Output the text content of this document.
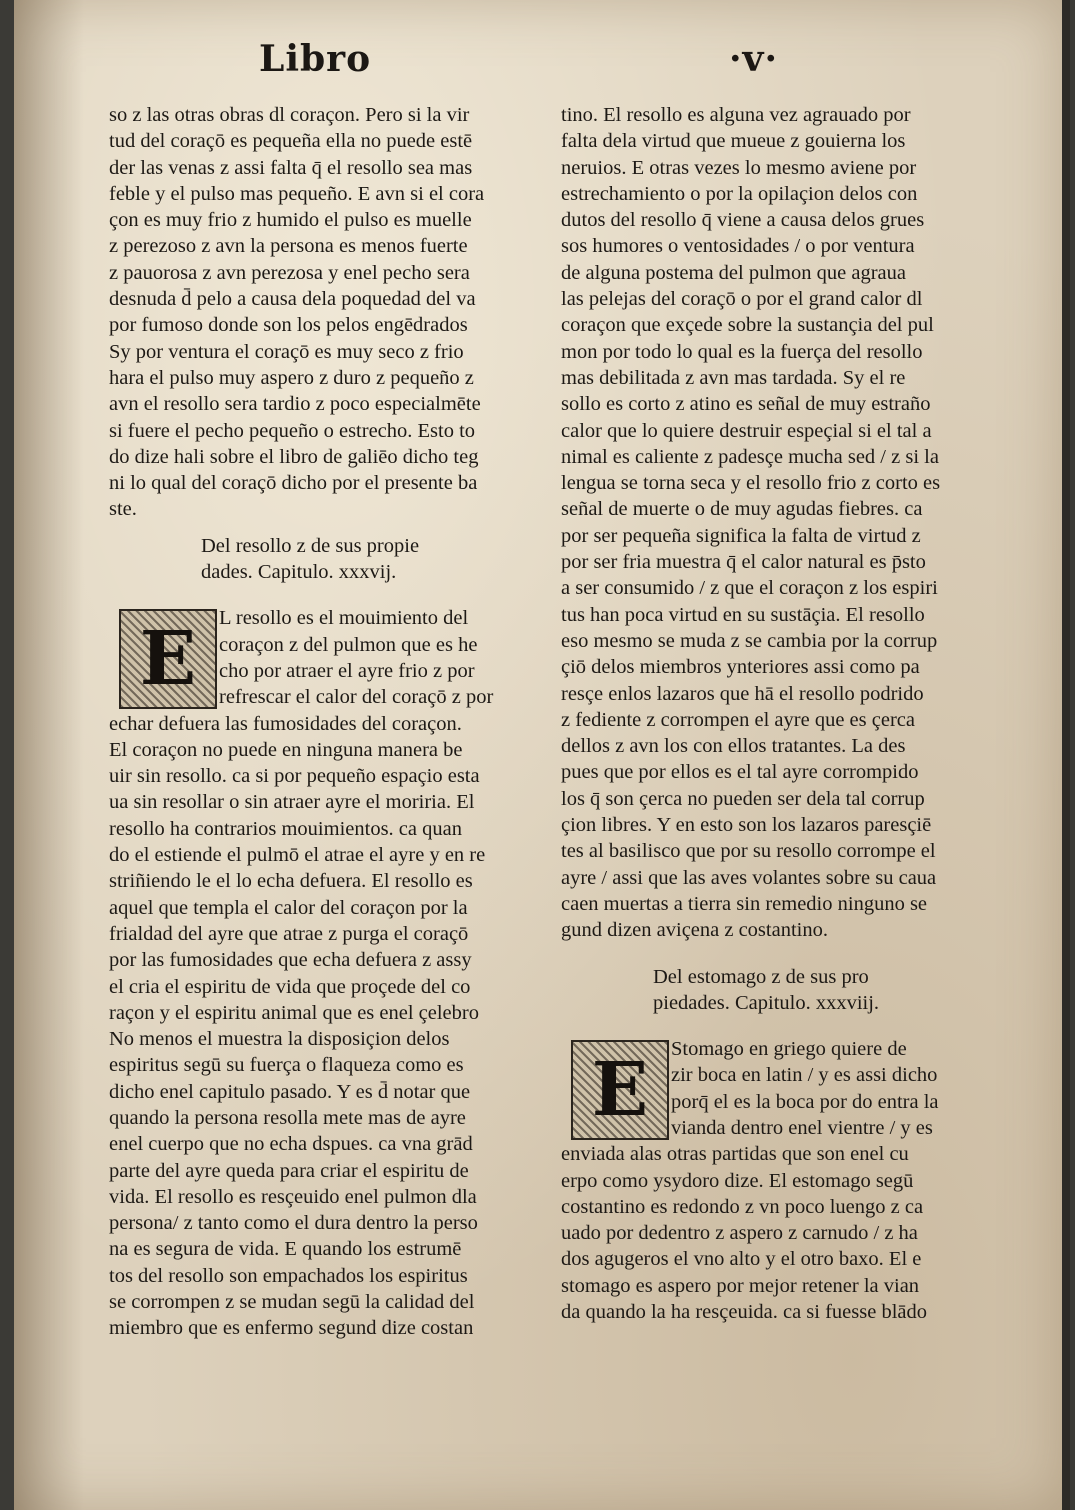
Libro	·v·
so z las otras obras dl coraçon. Pero si la vir
tud del coraçō es pequeña ella no puede estē
der las venas z assi falta q̄ el resollo sea mas
feble y el pulso mas pequeño. E avn si el cora
çon es muy frio z humido el pulso es muelle
z perezoso z avn la persona es menos fuerte
z pauorosa z avn perezosa y enel pecho sera
desnuda d̄ pelo a causa dela poquedad del va
por fumoso donde son los pelos engēdrados
Sy por ventura el coraçō es muy seco z frio
hara el pulso muy aspero z duro z pequeño z
avn el resollo sera tardio z poco especialmēte
si fuere el pecho pequeño o estrecho. Esto to
do dize hali sobre el libro de galiēo dicho teg
ni lo qual del coraçō dicho por el presente ba
ste.
Del resollo z de sus propie
dades. Capitulo. xxxvij.
E	L resollo es el mouimiento del
coraçon z del pulmon que es he
cho por atraer el ayre frio z por
refrescar el calor del coraçō z por
echar defuera las fumosidades del coraçon.
El coraçon no puede en ninguna manera be
uir sin resollo. ca si por pequeño espaçio esta
ua sin resollar o sin atraer ayre el moriria. El
resollo ha contrarios mouimientos. ca quan
do el estiende el pulmō el atrae el ayre y en re
striñiendo le el lo echa defuera. El resollo es
aquel que templa el calor del coraçon por la
frialdad del ayre que atrae z purga el coraçō
por las fumosidades que echa defuera z assy
el cria el espiritu de vida que proçede del co
raçon y el espiritu animal que es enel çelebro
No menos el muestra la disposiçion delos
espiritus segū su fuerça o flaqueza como es
dicho enel capitulo pasado. Y es d̄ notar que
quando la persona resolla mete mas de ayre
enel cuerpo que no echa dspues. ca vna grād
parte del ayre queda para criar el espiritu de
vida. El resollo es resçeuido enel pulmon dla
persona/ z tanto como el dura dentro la perso
na es segura de vida. E quando los estrumē
tos del resollo son empachados los espiritus
se corrompen z se mudan segū la calidad del
miembro que es enfermo segund dize costan
tino. El resollo es alguna vez agrauado por
falta dela virtud que mueue z gouierna los
neruios. E otras vezes lo mesmo aviene por
estrechamiento o por la opilaçion delos con
dutos del resollo q̄ viene a causa delos grues
sos humores o ventosidades / o por ventura
de alguna postema del pulmon que agraua
las pelejas del coraçō o por el grand calor dl
coraçon que exçede sobre la sustançia del pul
mon por todo lo qual es la fuerça del resollo
mas debilitada z avn mas tardada. Sy el re
sollo es corto z atino es señal de muy estraño
calor que lo quiere destruir espeçial si el tal a
nimal es caliente z padesçe mucha sed / z si la
lengua se torna seca y el resollo frio z corto es
señal de muerte o de muy agudas fiebres. ca
por ser pequeña significa la falta de virtud z
por ser fria muestra q̄ el calor natural es p̄sto
a ser consumido / z que el coraçon z los espiri
tus han poca virtud en su sustāçia. El resollo
eso mesmo se muda z se cambia por la corrup
çiō delos miembros ynteriores assi como pa
resçe enlos lazaros que hā el resollo podrido
z fediente z corrompen el ayre que es çerca
dellos z avn los con ellos tratantes. La des
pues que por ellos es el tal ayre corrompido
los q̄ son çerca no pueden ser dela tal corrup
çion libres. Y en esto son los lazaros paresçiē
tes al basilisco que por su resollo corrompe el
ayre / assi que las aves volantes sobre su caua
caen muertas a tierra sin remedio ninguno se
gund dizen aviçena z costantino.
Del estomago z de sus pro
piedades. Capitulo. xxxviij.
E	Stomago en griego quiere de
zir boca en latin / y es assi dicho
porq̄ el es la boca por do entra la
vianda dentro enel vientre / y es
enviada alas otras partidas que son enel cu
erpo como ysydoro dize. El estomago segū
costantino es redondo z vn poco luengo z ca
uado por dedentro z aspero z carnudo / z ha
dos agugeros el vno alto y el otro baxo. El e
stomago es aspero por mejor retener la vian
da quando la ha resçeuida. ca si fuesse blādo
